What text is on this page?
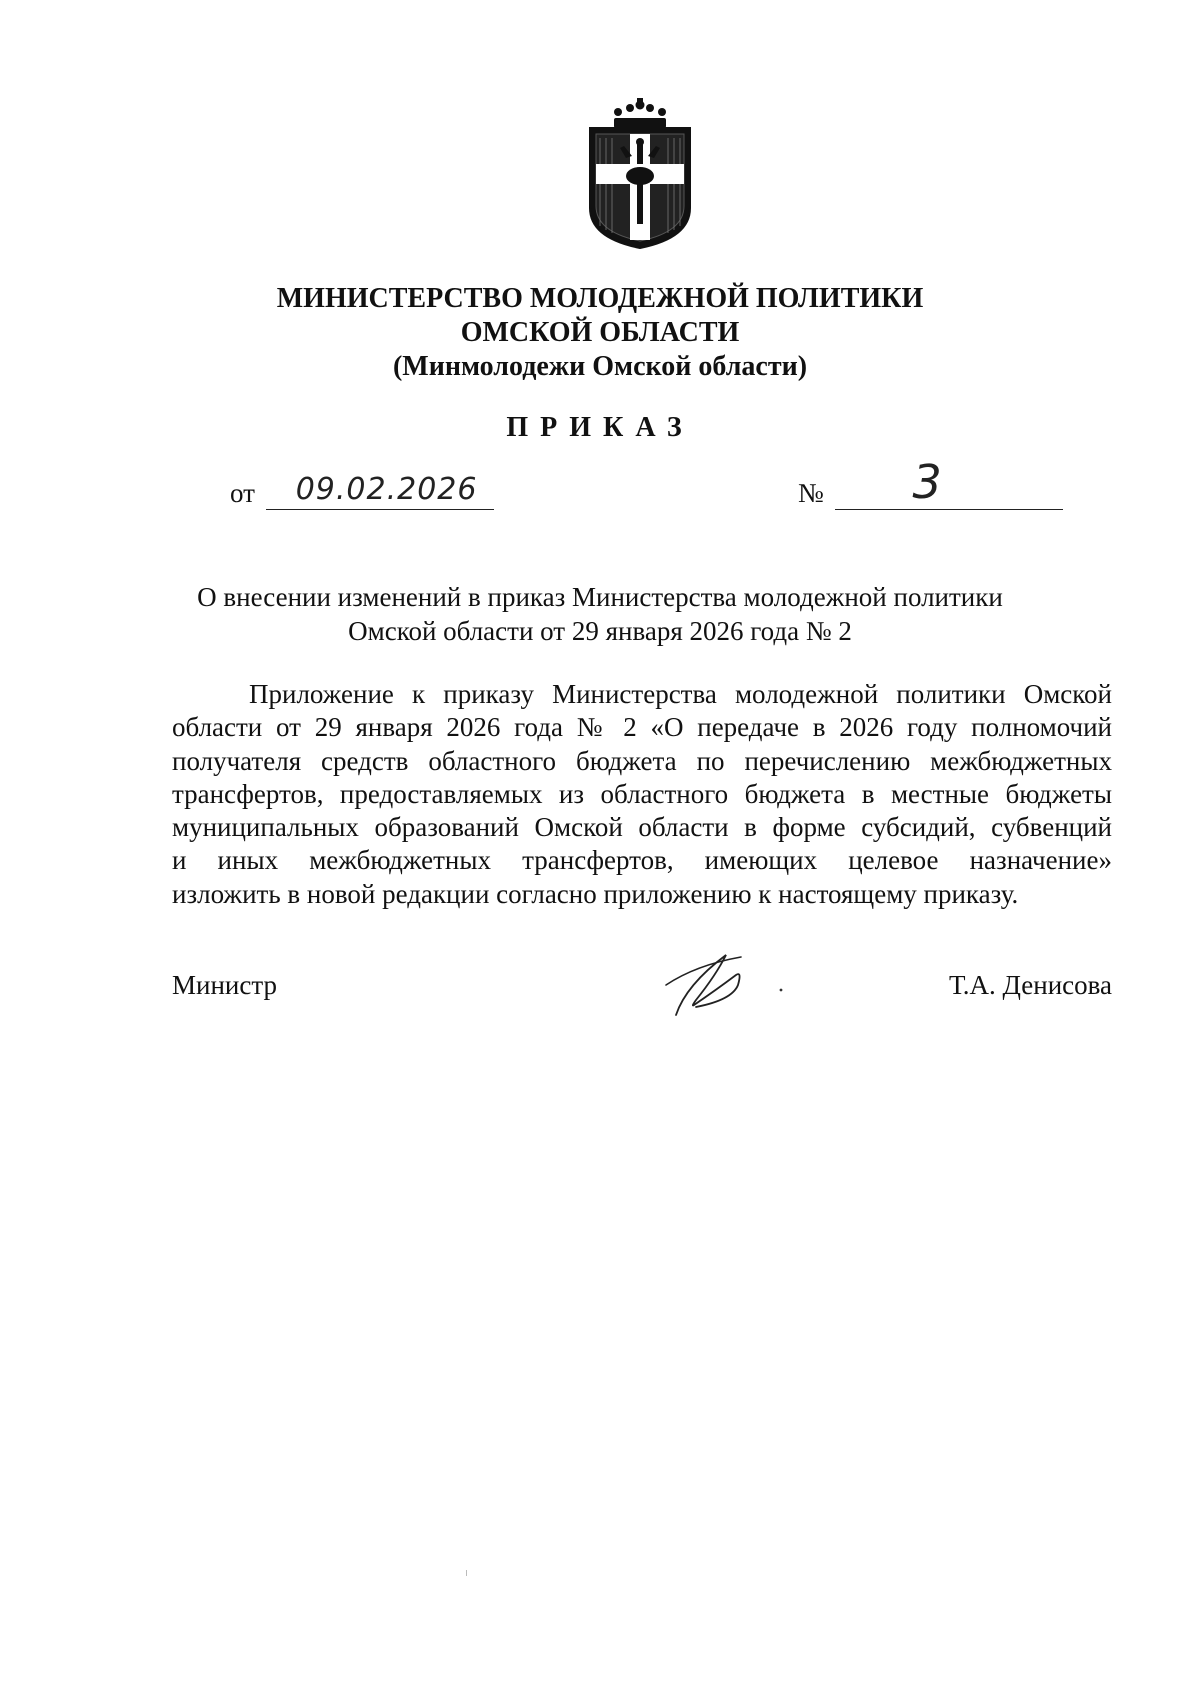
МИНИСТЕРСТВО МОЛОДЕЖНОЙ ПОЛИТИКИ
ОМСКОЙ ОБЛАСТИ
(Минмолодежи Омской области)
ПРИКАЗ
от 09.02.2026	№ 3
О внесении изменений в приказ Министерства молодежной политики
Омской области от 29 января 2026 года № 2
Приложение к приказу Министерства молодежной политики Омской
области от 29 января 2026 года № 2 «О передаче в 2026 году полномочий
получателя средств областного бюджета по перечислению межбюджетных
трансфертов, предоставляемых из областного бюджета в местные бюджеты
муниципальных образований Омской области в форме субсидий, субвенций
и иных межбюджетных трансфертов, имеющих целевое назначение»
изложить в новой редакции согласно приложению к настоящему приказу.
Министр	Т.А. Денисова
